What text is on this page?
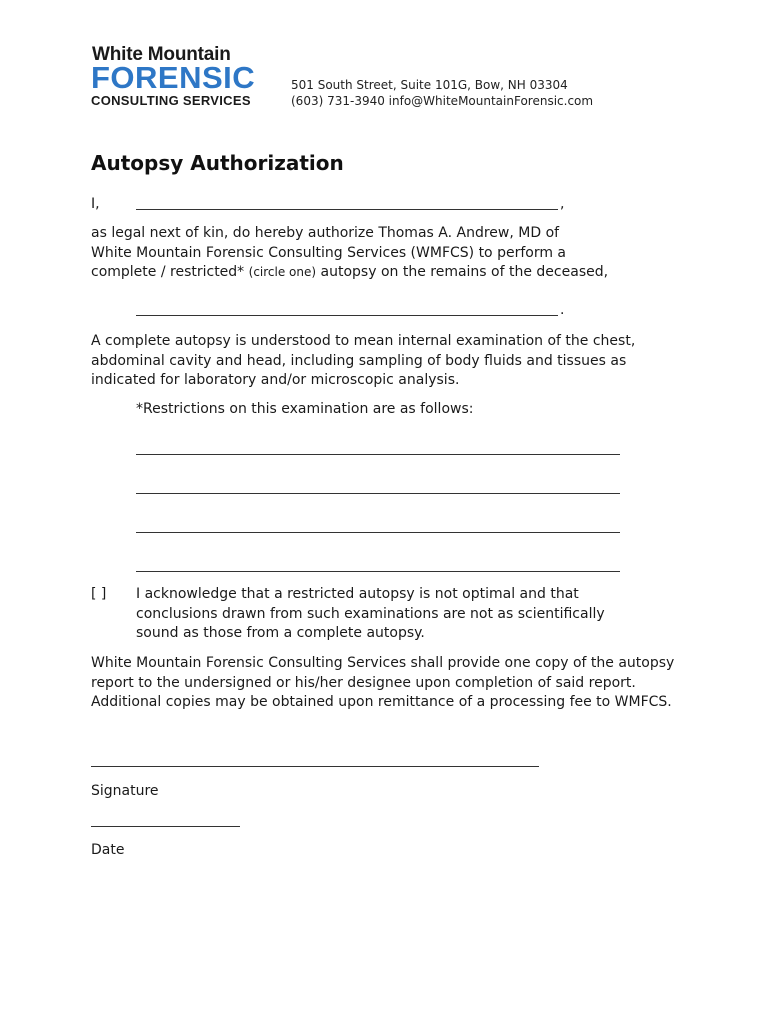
White Mountain
FORENSIC
CONSULTING SERVICES
501 South Street, Suite 101G, Bow, NH 03304
(603) 731-3940 info@WhiteMountainForensic.com
Autopsy Authorization
I,	,
as legal next of kin, do hereby authorize Thomas A. Andrew, MD of
White Mountain Forensic Consulting Services (WMFCS) to perform a
complete / restricted* (circle one) autopsy on the remains of the deceased,
.
A complete autopsy is understood to mean internal examination of the chest,
abdominal cavity and head, including sampling of body fluids and tissues as
indicated for laboratory and/or microscopic analysis.
*Restrictions on this examination are as follows:
[ ] I acknowledge that a restricted autopsy is not optimal and that
conclusions drawn from such examinations are not as scientifically
sound as those from a complete autopsy.
White Mountain Forensic Consulting Services shall provide one copy of the autopsy
report to the undersigned or his/her designee upon completion of said report.
Additional copies may be obtained upon remittance of a processing fee to WMFCS.
Signature
Date
